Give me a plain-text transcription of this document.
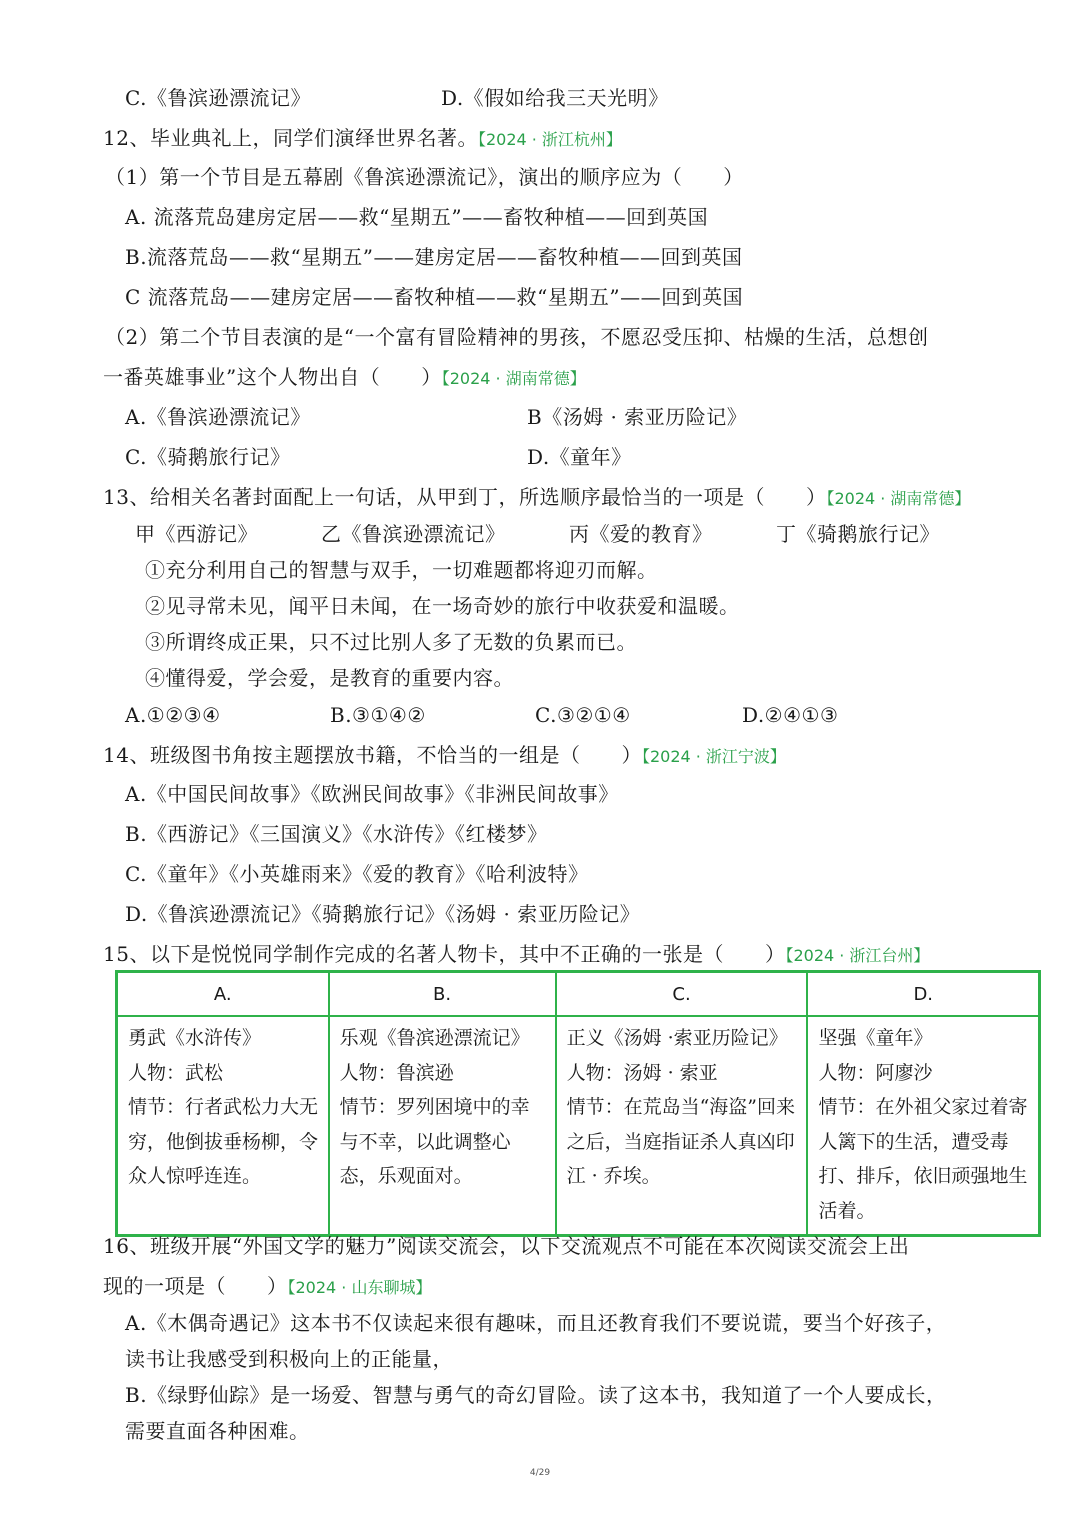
C.《鲁滨逊漂流记》	D.《假如给我三天光明》
12、毕业典礼上，同学们演绎世界名著。【2024 · 浙江杭州】
（1）第一个节目是五幕剧《鲁滨逊漂流记》，演出的顺序应为（　　）
A. 流落荒岛建房定居——救“星期五”——畜牧种植——回到英国
B.流落荒岛——救“星期五”——建房定居——畜牧种植——回到英国
C 流落荒岛——建房定居——畜牧种植——救“星期五”——回到英国
（2）第二个节目表演的是“一个富有冒险精神的男孩，不愿忍受压抑、枯燥的生活，总想创
一番英雄事业”这个人物出自（　　）【2024 · 湖南常德】
A.《鲁滨逊漂流记》	B《汤姆 · 索亚历险记》
C.《骑鹅旅行记》	D.《童年》
13、给相关名著封面配上一句话，从甲到丁，所选顺序最恰当的一项是（　　）【2024 · 湖南常德】
甲《西游记》	乙《鲁滨逊漂流记》	丙《爱的教育》	丁《骑鹅旅行记》
①充分利用自己的智慧与双手，一切难题都将迎刃而解。
②见寻常未见，闻平日未闻，在一场奇妙的旅行中收获爱和温暖。
③所谓终成正果，只不过比别人多了无数的负累而已。
④懂得爱，学会爱，是教育的重要内容。
A.①②③④	B.③①④②	C.③②①④	D.②④①③
14、班级图书角按主题摆放书籍，不恰当的一组是（　　）【2024 · 浙江宁波】
A.《中国民间故事》《欧洲民间故事》《非洲民间故事》
B.《西游记》《三国演义》《水浒传》《红楼梦》
C.《童年》《小英雄雨来》《爱的教育》《哈利波特》
D.《鲁滨逊漂流记》《骑鹅旅行记》《汤姆 · 索亚历险记》
15、以下是悦悦同学制作完成的名著人物卡，其中不正确的一张是（　　）【2024 · 浙江台州】
A.	B.	C.	D.

勇武《水浒传》
人物：武松
情节：行者武松力大无穷，他倒拔垂杨柳，令众人惊呼连连。	乐观《鲁滨逊漂流记》
人物：鲁滨逊
情节：罗列困境中的幸与不幸，以此调整心态，乐观面对。	正义《汤姆 ·索亚历险记》
人物：汤姆 · 索亚
情节：在荒岛当“海盗”回来之后，当庭指证杀人真凶印江 · 乔埃。	坚强《童年》
人物：阿廖沙
情节：在外祖父家过着寄人篱下的生活，遭受毒打、排斥，依旧顽强地生活着。
16、班级开展“外国文学的魅力”阅读交流会，以下交流观点不可能在本次阅读交流会上出
现的一项是（　　）【2024 · 山东聊城】
A.《木偶奇遇记》这本书不仅读起来很有趣味，而且还教育我们不要说谎，要当个好孩子，
读书让我感受到积极向上的正能量，
B.《绿野仙踪》是一场爱、智慧与勇气的奇幻冒险。读了这本书，我知道了一个人要成长，
需要直面各种困难。
4/29
